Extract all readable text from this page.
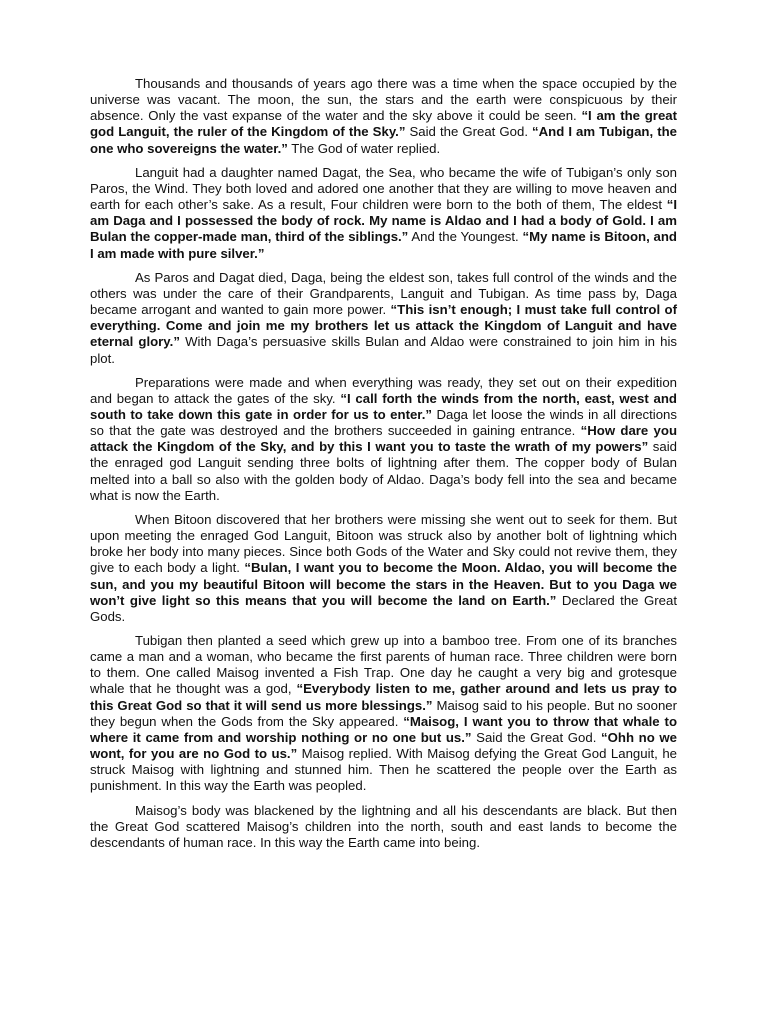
Thousands and thousands of years ago there was a time when the space occupied by the universe was vacant. The moon, the sun, the stars and the earth were conspicuous by their absence. Only the vast expanse of the water and the sky above it could be seen. “I am the great god Languit, the ruler of the Kingdom of the Sky.” Said the Great God. “And I am Tubigan, the one who sovereigns the water.” The God of water replied.

Languit had a daughter named Dagat, the Sea, who became the wife of Tubigan’s only son Paros, the Wind. They both loved and adored one another that they are willing to move heaven and earth for each other’s sake. As a result, Four children were born to the both of them, The eldest “I am Daga and I possessed the body of rock. My name is Aldao and I had a body of Gold. I am Bulan the copper-made man, third of the siblings.” And the Youngest. “My name is Bitoon, and I am made with pure silver.”

As Paros and Dagat died, Daga, being the eldest son, takes full control of the winds and the others was under the care of their Grandparents, Languit and Tubigan. As time pass by, Daga became arrogant and wanted to gain more power. “This isn’t enough; I must take full control of everything. Come and join me my brothers let us attack the Kingdom of Languit and have eternal glory.” With Daga’s persuasive skills Bulan and Aldao were constrained to join him in his plot.

Preparations were made and when everything was ready, they set out on their expedition and began to attack the gates of the sky. “I call forth the winds from the north, east, west and south to take down this gate in order for us to enter.” Daga let loose the winds in all directions so that the gate was destroyed and the brothers succeeded in gaining entrance. “How dare you attack the Kingdom of the Sky, and by this I want you to taste the wrath of my powers” said the enraged god Languit sending three bolts of lightning after them. The copper body of Bulan melted into a ball so also with the golden body of Aldao. Daga’s body fell into the sea and became what is now the Earth.

When Bitoon discovered that her brothers were missing she went out to seek for them. But upon meeting the enraged God Languit, Bitoon was struck also by another bolt of lightning which broke her body into many pieces. Since both Gods of the Water and Sky could not revive them, they give to each body a light. “Bulan, I want you to become the Moon. Aldao, you will become the sun, and you my beautiful Bitoon will become the stars in the Heaven. But to you Daga we won’t give light so this means that you will become the land on Earth.” Declared the Great Gods.

Tubigan then planted a seed which grew up into a bamboo tree. From one of its branches came a man and a woman, who became the first parents of human race. Three children were born to them. One called Maisog invented a Fish Trap. One day he caught a very big and grotesque whale that he thought was a god, “Everybody listen to me, gather around and lets us pray to this Great God so that it will send us more blessings.” Maisog said to his people. But no sooner they begun when the Gods from the Sky appeared. “Maisog, I want you to throw that whale to where it came from and worship nothing or no one but us.” Said the Great God. “Ohh no we wont, for you are no God to us.” Maisog replied. With Maisog defying the Great God Languit, he struck Maisog with lightning and stunned him. Then he scattered the people over the Earth as punishment. In this way the Earth was peopled.

Maisog’s body was blackened by the lightning and all his descendants are black. But then the Great God scattered Maisog’s children into the north, south and east lands to become the descendants of human race. In this way the Earth came into being.
